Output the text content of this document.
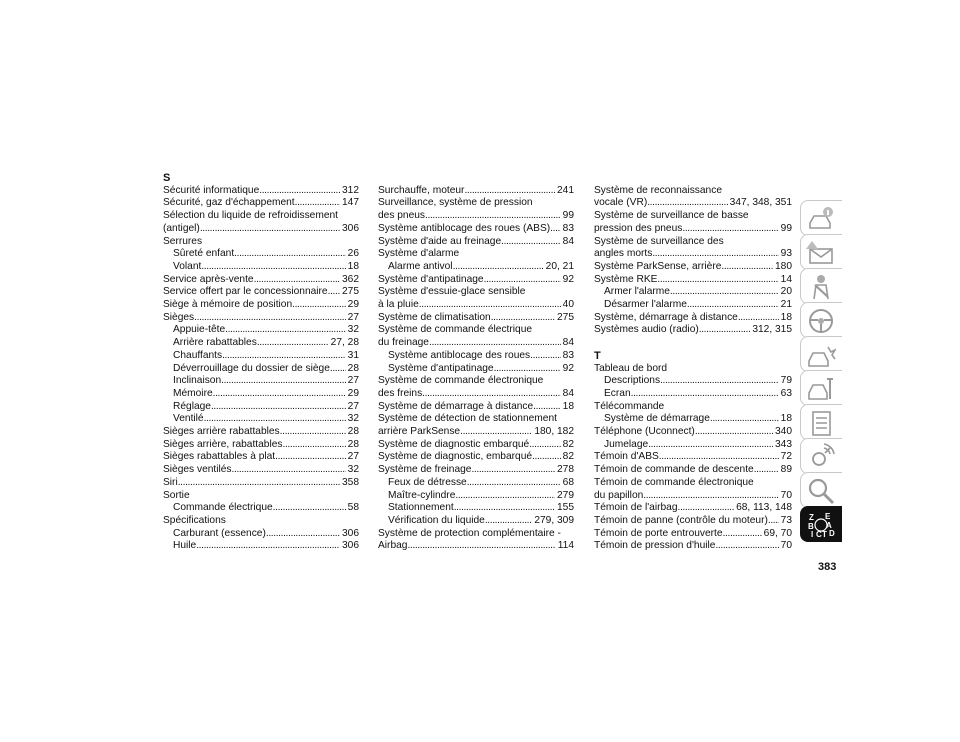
S
Sécurité informatique . . .	312
Sécurité, gaz d'échappement . . .	147
Sélection du liquide de refroidissement
(antigel) . . .	306
Serrures
Sûreté enfant . . .	26
Volant . . .	18
Service après-vente . . .	362
Service offert par le concessionnaire . . . 275
Siège à mémoire de position . . .	29
Sièges . . .	27
Appuie-tête . . .	32
Arrière rabattables . . .	27, 28
Chauffants . . .	31
Déverrouillage du dossier de siège . . . 28
Inclinaison . . .	27
Mémoire . . .	29
Réglage . . .	27
Ventilé . . .	32
Sièges arrière rabattables . . .	28
Sièges arrière, rabattables . . .	28
Sièges rabattables à plat . . .	27
Sièges ventilés . . .	32
Siri . . .	358
Sortie
Commande électrique . . .	58
Spécifications
Carburant (essence) . . .	306
Huile . . .	306
Surchauffe, moteur . . .	241
Surveillance, système de pression
des pneus . . .	99
Système antiblocage des roues (ABS) . . . 83
Système d'aide au freinage . . .	84
Système d'alarme
Alarme antivol . . .	20, 21
Système d'antipatinage . . .	92
Système d'essuie-glace sensible
à la pluie . . .	40
Système de climatisation . . .	275
Système de commande électrique
du freinage . . .	84
Système antiblocage des roues . . .	83
Système d'antipatinage . . .	92
Système de commande électronique
des freins . . .	84
Système de démarrage à distance . . .	18
Système de détection de stationnement
arrière ParkSense . . .	180, 182
Système de diagnostic embarqué . . .	82
Système de diagnostic, embarqué . . .	82
Système de freinage . . .	278
Feux de détresse . . .	68
Maître-cylindre . . .	279
Stationnement . . .	155
Vérification du liquide . . .	279, 309
Système de protection complémentaire -
Airbag . . .	114
Système de reconnaissance
vocale (VR) . . .	347, 348, 351
Système de surveillance de basse
pression des pneus . . .	99
Système de surveillance des
angles morts . . .	93
Système ParkSense, arrière . . .	180
Système RKE . . .	14
Armer l'alarme . . .	20
Désarmer l'alarme . . .	21
Système, démarrage à distance . . .	18
Systèmes audio (radio) . . .	312, 315
T
Tableau de bord
Descriptions . . .	79
Ecran . . .	63
Télécommande
Système de démarrage . . .	18
Téléphone (Uconnect) . . .	340
Jumelage . . .	343
Témoin d'ABS . . .	72
Témoin de commande de descente . . .	89
Témoin de commande électronique
du papillon . . .	70
Témoin de l'airbag . . .	68, 113, 148
Témoin de panne (contrôle du moteur) . . . 73
Témoin de porte entrouverte . . .	69, 70
Témoin de pression d'huile . . .	70
Z E
B A
I C T D
383
